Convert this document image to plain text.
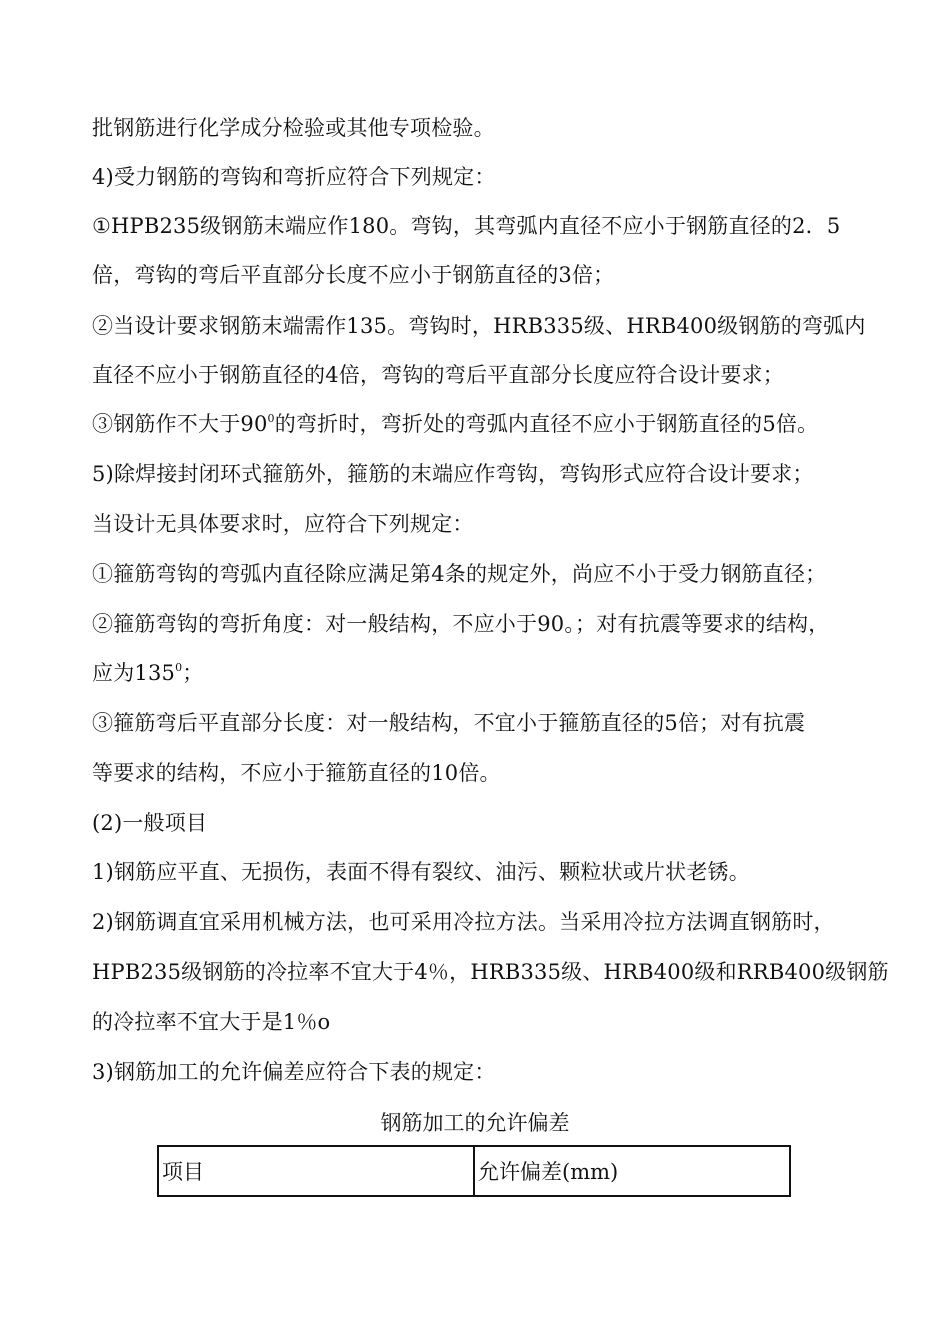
批钢筋进行化学成分检验或其他专项检验。
4)受力钢筋的弯钩和弯折应符合下列规定：
①HPB235级钢筋末端应作180。弯钩，其弯弧内直径不应小于钢筋直径的2．5
倍，弯钩的弯后平直部分长度不应小于钢筋直径的3倍；
②当设计要求钢筋末端需作135。弯钩时，HRB335级、HRB400级钢筋的弯弧内
直径不应小于钢筋直径的4倍，弯钩的弯后平直部分长度应符合设计要求；
③钢筋作不大于$90^0$的弯折时，弯折处的弯弧内直径不应小于钢筋直径的5倍。
5)除焊接封闭环式箍筋外，箍筋的末端应作弯钩，弯钩形式应符合设计要求；
当设计无具体要求时，应符合下列规定：
①箍筋弯钩的弯弧内直径除应满足第4条的规定外，尚应不小于受力钢筋直径；
②箍筋弯钩的弯折角度：对一般结构，不应小于90。；对有抗震等要求的结构，
应为$135^0$；
③箍筋弯后平直部分长度：对一般结构，不宜小于箍筋直径的5倍；对有抗震
等要求的结构，不应小于箍筋直径的10倍。
(2)一般项目
1)钢筋应平直、无损伤，表面不得有裂纹、油污、颗粒状或片状老锈。
2)钢筋调直宜采用机械方法，也可采用冷拉方法。当采用冷拉方法调直钢筋时，
HPB235级钢筋的冷拉率不宜大于4％，HRB335级、HRB400级和RRB400级钢筋
的冷拉率不宜大于是1％o
3)钢筋加工的允许偏差应符合下表的规定：
钢筋加工的允许偏差
项目	允许偏差(mm)
